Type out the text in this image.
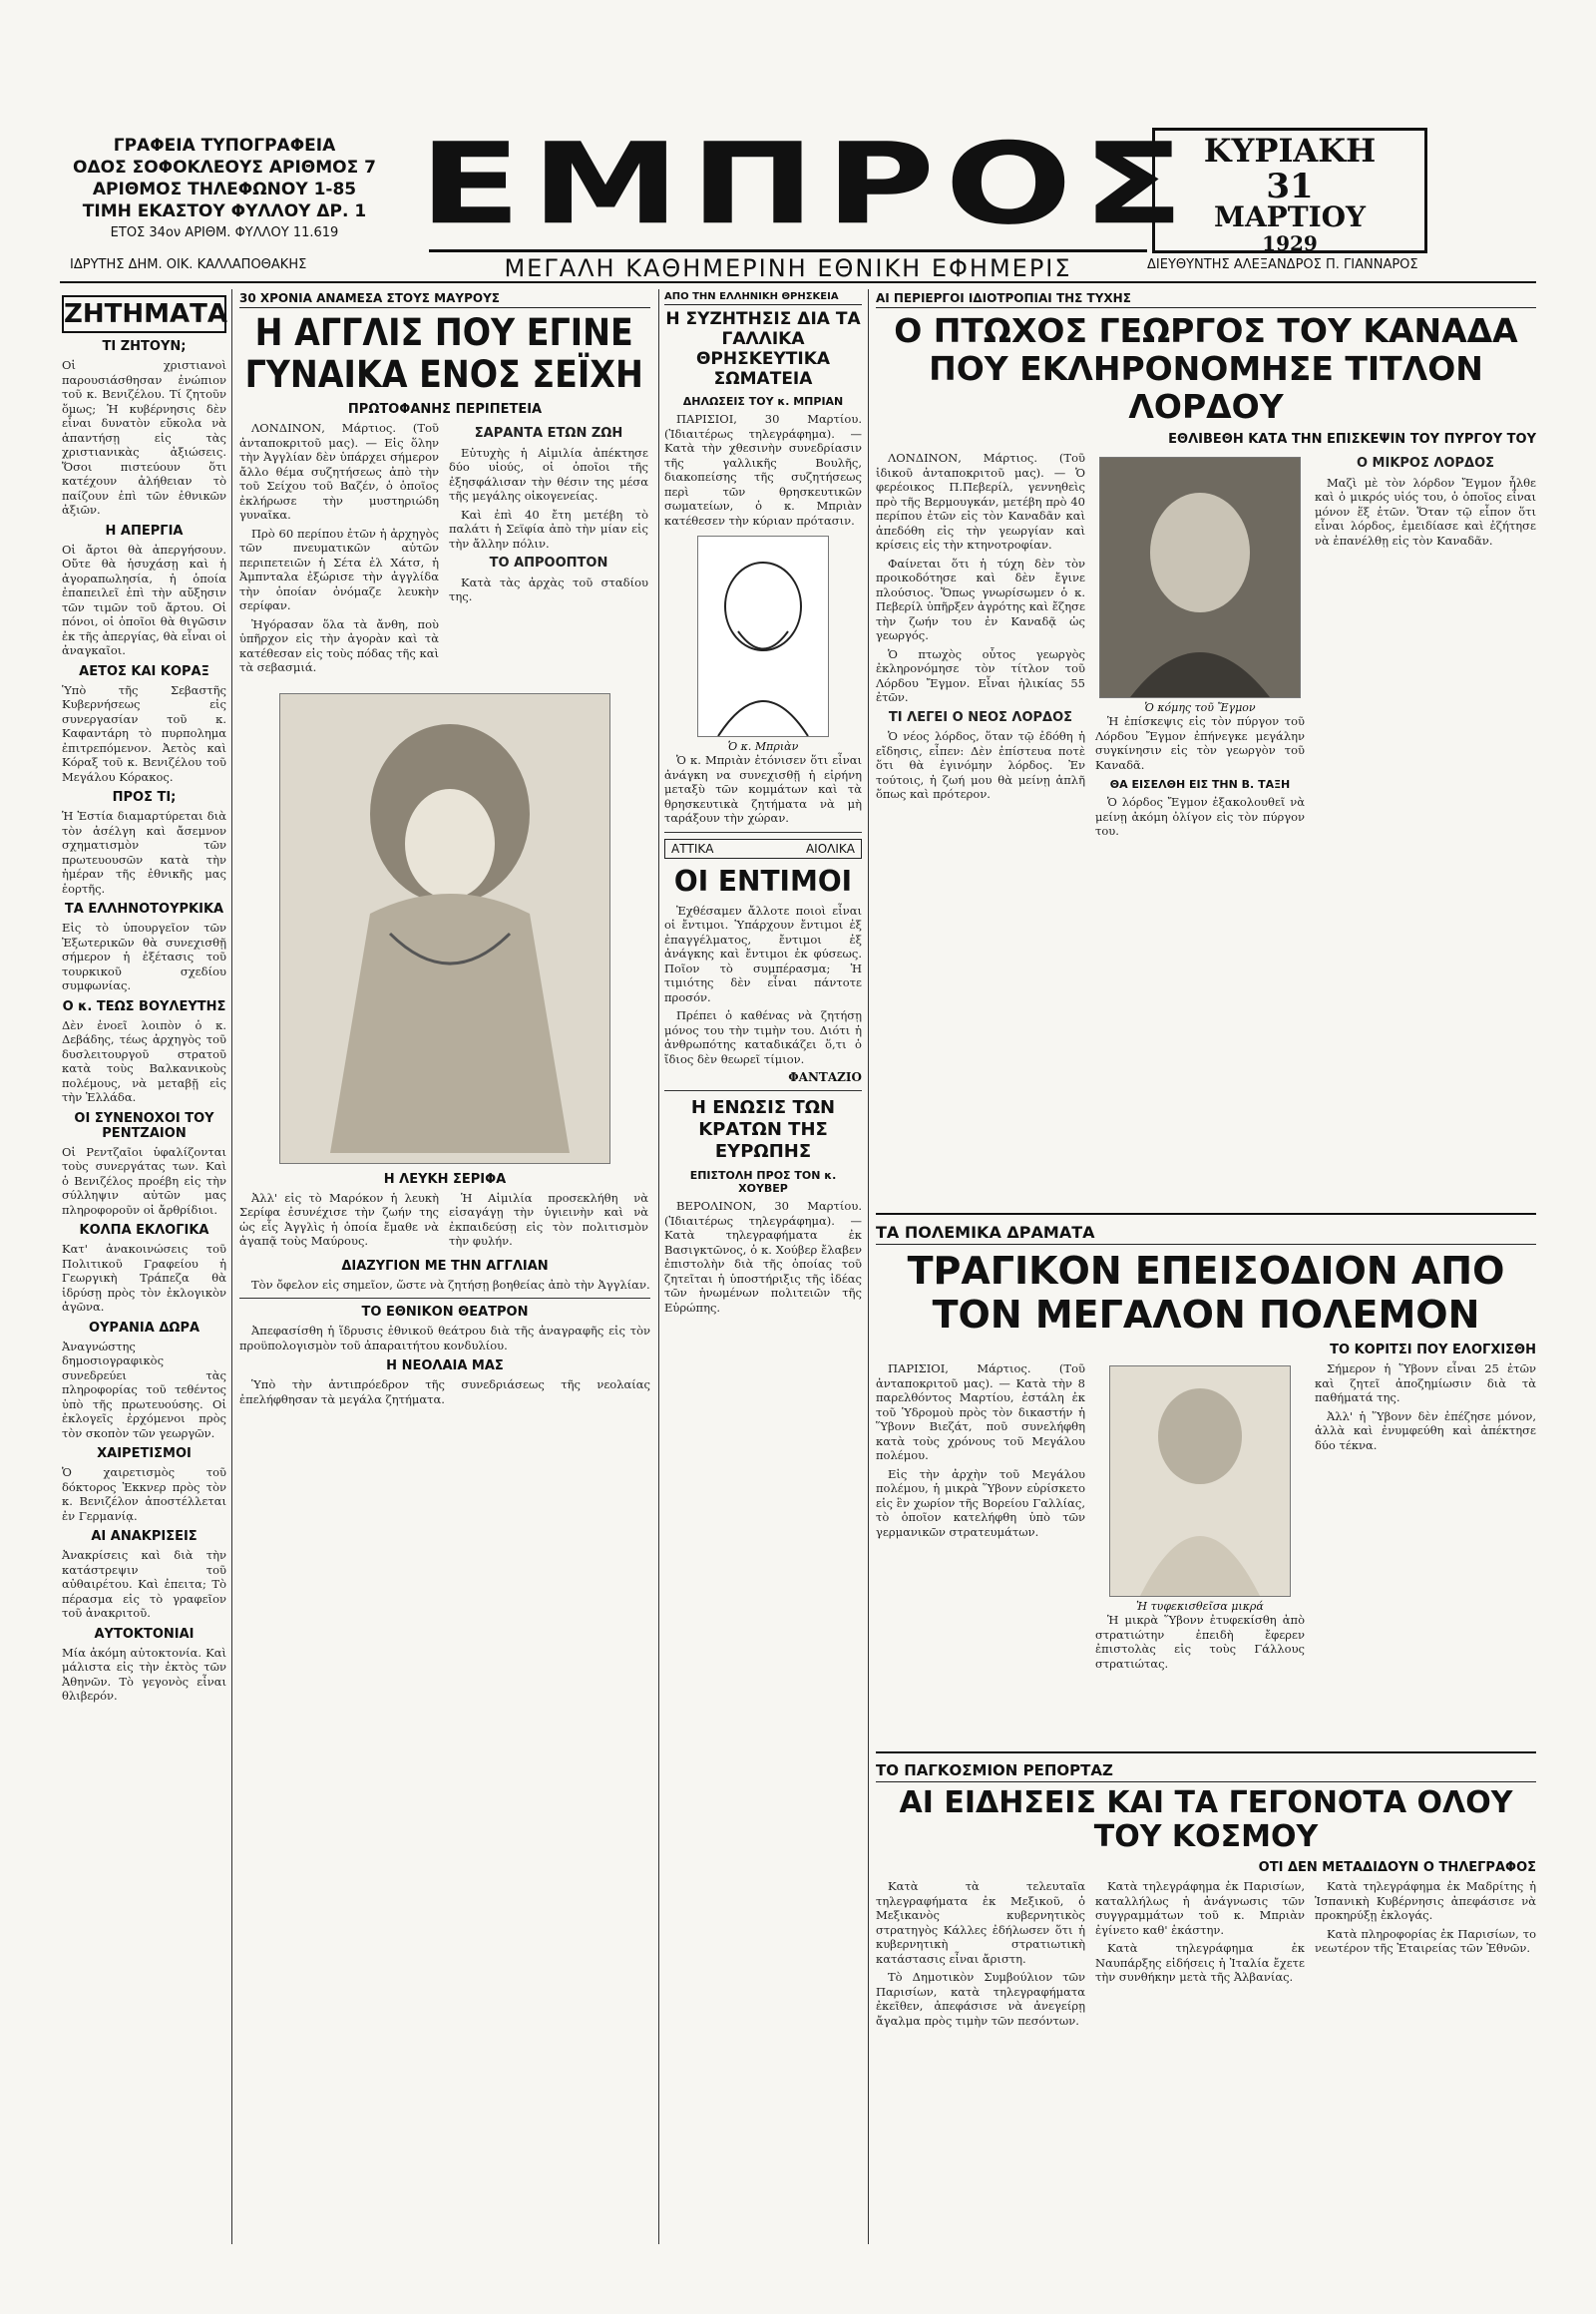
ΓΡΑΦΕΙΑ ΤΥΠΟΓΡΑΦΕΙΑ
ΟΔΟΣ ΣΟΦΟΚΛΕΟΥΣ ΑΡΙΘΜΟΣ 7
ΑΡΙΘΜΟΣ ΤΗΛΕΦΩΝΟΥ 1-85
ΤΙΜΗ ΕΚΑΣΤΟΥ ΦΥΛΛΟΥ ΔΡ. 1
ΕΤΟΣ 34ον ΑΡΙΘΜ. ΦΥΛΛΟΥ 11.619 ΕΜΠΡΟΣ ΚΥΡΙΑΚΗ
31
ΜΑΡΤΙΟΥ
1929
ΜΕΓΑΛΗ ΚΑΘΗΜΕΡΙΝΗ ΕΘΝΙΚΗ ΕΦΗΜΕΡΙΣ
ΙΔΡΥΤΗΣ ΔΗΜ. ΟΙΚ. ΚΑΛΛΑΠΟΘΑΚΗΣ	ΔΙΕΥΘΥΝΤΗΣ ΑΛΕΞΑΝΔΡΟΣ Π. ΓΙΑΝΝΑΡΟΣ
ΖΗΤΗΜΑΤΑ
ΤΙ ΖΗΤΟΥΝ;
Οἱ χριστιανοὶ παρουσιάσθησαν ἐνώπιον τοῦ κ. Βενιζέλου. Τί ζητοῦν ὅμως; Ἡ κυβέρνησις δὲν εἶναι δυνατὸν εὔκολα νὰ ἀπαντήσῃ εἰς τὰς χριστιανικὰς ἀξιώσεις. Ὅσοι πιστεύουν ὅτι κατέχουν ἀλήθειαν τὸ παίζουν ἐπὶ τῶν ἐθνικῶν ἀξιῶν.
Η ΑΠΕΡΓΙΑ
Οἱ ἄρτοι θὰ ἀπεργήσουν. Οὔτε θὰ ἡσυχάσῃ καὶ ἡ ἀγοραπωλησία, ἡ ὁποία ἐπαπειλεῖ ἐπὶ τὴν αὔξησιν τῶν τιμῶν τοῦ ἄρτου. Οἱ πόνοι, οἱ ὁποῖοι θὰ θιγῶσιν ἐκ τῆς ἀπεργίας, θὰ εἶναι οἱ ἀναγκαῖοι.
ΑΕΤΟΣ ΚΑΙ ΚΟΡΑΞ
Ὑπὸ τῆς Σεβαστῆς Κυβερνήσεως εἰς συνεργασίαν τοῦ κ. Καφαντάρη τὸ πυρπολημα ἐπιτρεπόμενον. Ἀετὸς καὶ Κόραξ τοῦ κ. Βενιζέλου τοῦ Μεγάλου Κόρακος.
ΠΡΟΣ ΤΙ;
Ἡ Ἑστία διαμαρτύρεται διὰ τὸν ἀσέλγη καὶ ἄσεμνον σχηματισμὸν τῶν πρωτευουσῶν κατὰ τὴν ἡμέραν τῆς ἐθνικῆς μας ἑορτῆς.
ΤΑ ΕΛΛΗΝΟΤΟΥΡΚΙΚΑ
Εἰς τὸ ὑπουργεῖον τῶν Ἐξωτερικῶν θὰ συνεχισθῇ σήμερον ἡ ἐξέτασις τοῦ τουρκικοῦ σχεδίου συμφωνίας.
Ο κ. ΤΕΩΣ ΒΟΥΛΕΥΤΗΣ
Δὲν ἐνοεῖ λοιπὸν ὁ κ. Δεβάδης, τέως ἀρχηγὸς τοῦ δυσλειτουργοῦ στρατοῦ κατὰ τοὺς Βαλκανικοὺς πολέμους, νὰ μεταβῇ εἰς τὴν Ἑλλάδα.
ΟΙ ΣΥΝΕΝΟΧΟΙ ΤΟΥ ΡΕΝΤΖΑΙΟΝ
Οἱ Ρεντζαῖοι ὑφαλίζονται τοὺς συνεργάτας των. Καὶ ὁ Βενιζέλος προέβη εἰς τὴν σύλληψιν αὐτῶν μας πληροφοροῦν οἱ ἄρθρίδιοι.
ΚΟΛΠΑ ΕΚΛΟΓΙΚΑ
Κατ' ἀνακοινώσεις τοῦ Πολιτικοῦ Γραφείου ἡ Γεωργικὴ Τράπεζα θὰ ἱδρύσῃ πρὸς τὸν ἐκλογικὸν ἀγῶνα.
ΟΥΡΑΝΙΑ ΔΩΡΑ
Ἀναγνώστης δημοσιογραφικὸς συνεδρεύει τὰς πληροφορίας τοῦ τεθέντος ὑπὸ τῆς πρωτευούσης. Οἱ ἐκλογεῖς ἐρχόμενοι πρὸς τὸν σκοπὸν τῶν γεωργῶν.
ΧΑΙΡΕΤΙΣΜΟΙ
Ὁ χαιρετισμὸς τοῦ δόκτορος Ἐκκνερ πρὸς τὸν κ. Βενιζέλον ἀποστέλλεται ἐν Γερμανίᾳ.
ΑΙ ΑΝΑΚΡΙΣΕΙΣ
Ἀνακρίσεις καὶ διὰ τὴν κατάστρεψιν τοῦ αὐθαιρέτου. Καὶ ἐπειτα; Τὸ πέρασμα εἰς τὸ γραφεῖον τοῦ ἀνακριτοῦ.
ΑΥΤΟΚΤΟΝΙΑΙ
Μία ἀκόμη αὐτοκτονία. Καὶ μάλιστα εἰς τὴν ἐκτὸς τῶν Ἀθηνῶν. Τὸ γεγονὸς εἶναι θλιβερόν.
30 ΧΡΟΝΙΑ ΑΝΑΜΕΣΑ ΣΤΟΥΣ ΜΑΥΡΟΥΣ
Η ΑΓΓΛΙΣ ΠΟΥ ΕΓΙΝΕ ΓΥΝΑΙΚΑ ΕΝΟΣ ΣΕΪΧΗ
ΠΡΩΤΟΦΑΝΗΣ ΠΕΡΙΠΕΤΕΙΑ

ΛΟΝΔΙΝΟΝ, Μάρτιος. (Τοῦ ἀνταποκριτοῦ μας). — Εἰς ὅλην τὴν Ἀγγλίαν δὲν ὑπάρχει σήμερον ἄλλο θέμα συζητήσεως ἀπὸ τὴν τοῦ Σείχου τοῦ Βαζέν, ὁ ὁποῖος ἐκλήρωσε τὴν μυστηριώδη γυναῖκα.

Πρὸ 60 περίπου ἐτῶν ἡ ἀρχηγὸς τῶν πνευματικῶν αὐτῶν περιπετειῶν ἡ Σέτα ἐλ Χάτσ, ἡ Ἀμπνταλα ἐξώρισε τὴν ἀγγλίδα τὴν ὁποίαν ὀνόμαζε λευκὴν σερίφαν.

Ἠγόρασαν ὅλα τὰ ἄνθη, ποὺ ὑπῆρχον εἰς τὴν ἀγορὰν καὶ τὰ κατέθεσαν εἰς τοὺς πόδας τῆς καὶ τὰ σεβασμιά.

ΣΑΡΑΝΤΑ ΕΤΩΝ ΖΩΗ

Εὐτυχὴς ἡ Αἰμιλία ἀπέκτησε δύο υἱούς, οἱ ὁποῖοι τῆς ἐξησφάλισαν τὴν θέσιν της μέσα τῆς μεγάλης οἰκογενείας.

Καὶ ἐπὶ 40 ἔτη μετέβη τὸ παλάτι ἡ Σεϊφία ἀπὸ τὴν μίαν εἰς τὴν ἄλλην πόλιν.

ΤΟ ΑΠΡΟΟΠΤΟΝ

Κατὰ τὰς ἀρχὰς τοῦ σταδίου της.

Η ΛΕΥΚΗ ΣΕΡΙΦΑ

Ἀλλ' εἰς τὸ Μαρόκον ἡ λευκὴ Σερίφα ἐσυνέχισε τὴν ζωήν της ὡς εἷς Ἀγγλὶς ἡ ὁποία ἔμαθε νὰ ἀγαπᾷ τοὺς Μαύρους.

Ἡ Αἰμιλία προσεκλήθη νὰ εἰσαγάγῃ τὴν ὑγιεινὴν καὶ νὰ ἐκπαιδεύσῃ εἰς τὸν πολιτισμὸν τὴν φυλήν.

ΔΙΑΖΥΓΙΟΝ ΜΕ ΤΗΝ ΑΓΓΛΙΑΝ

Τὸν ὄφελον εἰς σημεῖον, ὥστε νὰ ζητήσῃ βοηθείας ἀπὸ τὴν Ἀγγλίαν.

ΤΟ ΕΘΝΙΚΟΝ ΘΕΑΤΡΟΝ

Ἀπεφασίσθη ἡ ἵδρυσις ἐθνικοῦ θεάτρου διὰ τῆς ἀναγραφῆς εἰς τὸν προϋπολογισμὸν τοῦ ἀπαραιτήτου κονδυλίου.

Η ΝΕΟΛΑΙΑ ΜΑΣ

Ὑπὸ τὴν ἀντιπρόεδρον τῆς συνεδριάσεως τῆς νεολαίας ἐπελήφθησαν τὰ μεγάλα ζητήματα.

ΑΠΟ ΤΗΝ ΕΛΛΗΝΙΚΗ ΘΡΗΣΚΕΙΑ
Η ΣΥΖΗΤΗΣΙΣ ΔΙΑ ΤΑ ΓΑΛΛΙΚΑ ΘΡΗΣΚΕΥΤΙΚΑ ΣΩΜΑΤΕΙΑ
ΔΗΛΩΣΕΙΣ ΤΟΥ κ. ΜΠΡΙΑΝ

ΠΑΡΙΣΙΟΙ, 30 Μαρτίου. (Ἰδιαιτέρως τηλεγράφημα). — Κατὰ τὴν χθεσινὴν συνεδρίασιν τῆς γαλλικῆς Βουλῆς, διακοπείσης τῆς συζητήσεως περὶ τῶν θρησκευτικῶν σωματείων, ὁ κ. Μπριὰν κατέθεσεν τὴν κύριαν πρότασιν.

Ὁ κ. Μπριὰν

Ὁ κ. Μπριὰν ἐτόνισεν ὅτι εἶναι ἀνάγκη να συνεχισθῇ ἡ εἰρήνη μεταξὺ τῶν κομμάτων καὶ τὰ θρησκευτικὰ ζητήματα νὰ μὴ ταράξουν τὴν χώραν.

ΑΤΤΙΚΑ	ΑΙΟΛΙΚΑ
ΟΙ ΕΝΤΙΜΟΙ

Ἐχθέσαμεν ἄλλοτε ποιοὶ εἶναι οἱ ἔντιμοι. Ὑπάρχουν ἔντιμοι ἐξ ἐπαγγέλματος, ἔντιμοι ἐξ ἀνάγκης καὶ ἔντιμοι ἐκ φύσεως. Ποῖον τὸ συμπέρασμα; Ἡ τιμιότης δὲν εἶναι πάντοτε προσόν.

Πρέπει ὁ καθένας νὰ ζητήσῃ μόνος του τὴν τιμὴν του. Διότι ἡ ἀνθρωπότης καταδικάζει ὅ,τι ὁ ἴδιος δὲν θεωρεῖ τίμιον.

ΦΑΝΤΑΖΙΟ
Η ΕΝΩΣΙΣ ΤΩΝ ΚΡΑΤΩΝ ΤΗΣ ΕΥΡΩΠΗΣ
ΕΠΙΣΤΟΛΗ ΠΡΟΣ ΤΟΝ κ. ΧΟΥΒΕΡ

ΒΕΡΟΛΙΝΟΝ, 30 Μαρτίου. (Ἰδιαιτέρως τηλεγράφημα). — Κατὰ τηλεγραφήματα ἐκ Βασιγκτῶνος, ὁ κ. Χούβερ ἔλαβεν ἐπιστολὴν διὰ τῆς ὁποίας τοῦ ζητεῖται ἡ ὑποστήριξις τῆς ἰδέας τῶν ἡνωμένων πολιτειῶν τῆς Εὐρώπης.

ΑΙ ΠΕΡΙΕΡΓΟΙ ΙΔΙΟΤΡΟΠΙΑΙ ΤΗΣ ΤΥΧΗΣ
Ο ΠΤΩΧΟΣ ΓΕΩΡΓΟΣ ΤΟΥ ΚΑΝΑΔΑ ΠΟΥ ΕΚΛΗΡΟΝΟΜΗΣΕ ΤΙΤΛΟΝ ΛΟΡΔΟΥ
ΕΘΛΙΒΕΘΗ ΚΑΤΑ ΤΗΝ ΕΠΙΣΚΕΨΙΝ ΤΟΥ ΠΥΡΓΟΥ ΤΟΥ

ΛΟΝΔΙΝΟΝ, Μάρτιος. (Τοῦ ἰδικοῦ ἀνταποκριτοῦ μας). — Ὁ φερέοικος Π.Πεβερίλ, γεννηθεὶς πρὸ τῆς Βερμουγκάν, μετέβη πρὸ 40 περίπου ἐτῶν εἰς τὸν Καναδᾶν καὶ ἀπεδόθη εἰς τὴν γεωργίαν καὶ κρίσεις εἰς τὴν κτηνοτροφίαν.

Φαίνεται ὅτι ἡ τύχη δὲν τὸν προικοδότησε καὶ δὲν ἔγινε πλούσιος. Ὅπως γνωρίσωμεν ὁ κ. Πεβερίλ ὑπῆρξεν ἀγρότης καὶ ἔζησε τὴν ζωήν του ἐν Καναδᾷ ὡς γεωργός.

Ὁ πτωχὸς οὗτος γεωργὸς ἐκληρονόμησε τὸν τίτλον τοῦ Λόρδου Ἔγμον. Εἶναι ἡλικίας 55 ἐτῶν.

ΤΙ ΛΕΓΕΙ Ο ΝΕΟΣ ΛΟΡΔΟΣ

Ὁ νέος λόρδος, ὅταν τῷ ἐδόθη ἡ εἴδησις, εἶπεν: Δὲν ἐπίστευα ποτὲ ὅτι θὰ ἐγινόμην λόρδος. Ἐν τούτοις, ἡ ζωή μου θὰ μείνῃ ἁπλῆ ὅπως καὶ πρότερον.

Ὁ κόμης τοῦ Ἔγμον

Ἡ ἐπίσκεψις εἰς τὸν πύργον τοῦ Λόρδου Ἔγμον ἐπήνεγκε μεγάλην συγκίνησιν εἰς τὸν γεωργὸν τοῦ Καναδᾶ.

ΘΑ ΕΙΣΕΛΘΗ ΕΙΣ ΤΗΝ Β. ΤΑΞΗ

Ὁ λόρδος Ἔγμον ἐξακολουθεῖ νὰ μείνῃ ἀκόμη ὀλίγον εἰς τὸν πύργον του.

Ο ΜΙΚΡΟΣ ΛΟΡΔΟΣ

Μαζὶ μὲ τὸν λόρδον Ἔγμον ἦλθε καὶ ὁ μικρός υἱός του, ὁ ὁποῖος εἶναι μόνον ἕξ ἐτῶν. Ὅταν τῷ εἶπον ὅτι εἶναι λόρδος, ἐμειδίασε καὶ ἐζήτησε νὰ ἐπανέλθῃ εἰς τὸν Καναδᾶν.

ΤΑ ΠΟΛΕΜΙΚΑ ΔΡΑΜΑΤΑ
ΤΡΑΓΙΚΟΝ ΕΠΕΙΣΟΔΙΟΝ ΑΠΟ ΤΟΝ ΜΕΓΑΛΟΝ ΠΟΛΕΜΟΝ
ΤΟ ΚΟΡΙΤΣΙ ΠΟΥ ΕΛΟΓΧΙΣΘΗ

ΠΑΡΙΣΙΟΙ, Μάρτιος. (Τοῦ ἀνταποκριτοῦ μας). — Κατὰ τὴν 8 παρελθόντος Μαρτίου, ἐστάλη ἐκ τοῦ Ὑδρομοὺ πρὸς τὸν δικαστήν ἡ Ὕβονν Βιεζάτ, ποῦ συνελήφθη κατὰ τοὺς χρόνους τοῦ Μεγάλου πολέμου.

Εἰς τὴν ἀρχὴν τοῦ Μεγάλου πολέμου, ἡ μικρὰ Ὕβονν εὑρίσκετο εἰς ἓν χωρίον τῆς Βορείου Γαλλίας, τὸ ὁποῖον κατελήφθη ὑπὸ τῶν γερμανικῶν στρατευμάτων.

Ἡ τυφεκισθεῖσα μικρά

Ἡ μικρὰ Ὕβονν ἐτυφεκίσθη ἀπὸ στρατιώτην ἐπειδὴ ἔφερεν ἐπιστολὰς εἰς τοὺς Γάλλους στρατιώτας.

Σήμερον ἡ Ὕβονν εἶναι 25 ἐτῶν καὶ ζητεῖ ἀποζημίωσιν διὰ τὰ παθήματά της.

Ἀλλ' ἡ Ὕβονν δὲν ἐπέζησε μόνον, ἀλλὰ καὶ ἐνυμφεύθη καὶ ἀπέκτησε δύο τέκνα.

ΤΟ ΠΑΓΚΟΣΜΙΟΝ ΡΕΠΟΡΤΑΖ
ΑΙ ΕΙΔΗΣΕΙΣ ΚΑΙ ΤΑ ΓΕΓΟΝΟΤΑ ΟΛΟΥ ΤΟΥ ΚΟΣΜΟΥ
ΟΤΙ ΔΕΝ ΜΕΤΑΔΙΔΟΥΝ Ο ΤΗΛΕΓΡΑΦΟΣ

Κατὰ τὰ τελευταῖα τηλεγραφήματα ἐκ Μεξικοῦ, ὁ Μεξικανὸς κυβερνητικὸς στρατηγὸς Κάλλες ἐδήλωσεν ὅτι ἡ κυβερνητικὴ στρατιωτικὴ κατάστασις εἶναι ἄριστη.

Τὸ Δημοτικὸν Συμβούλιον τῶν Παρισίων, κατὰ τηλεγραφήματα ἐκεῖθεν, ἀπεφάσισε νὰ ἀνεγείρῃ ἄγαλμα πρὸς τιμὴν τῶν πεσόντων.

Κατὰ τηλεγράφημα ἐκ Παρισίων, καταλλήλως ἡ ἀνάγνωσις τῶν συγγραμμάτων τοῦ κ. Μπριὰν ἐγίνετο καθ' ἑκάστην.

Κατὰ τηλεγράφημα ἐκ Ναυπάρξης εἰδήσεις ἡ Ἰταλία ἔχετε τὴν συνθήκην μετὰ τῆς Ἀλβανίας.

Κατὰ τηλεγράφημα ἐκ Μαδρίτης ἡ Ἱσπανικὴ Κυβέρνησις ἀπεφάσισε νὰ προκηρύξῃ ἐκλογάς.

Κατὰ πληροφορίας ἐκ Παρισίων, το νεωτέρον τῆς Ἐταιρείας τῶν Ἐθνῶν.
